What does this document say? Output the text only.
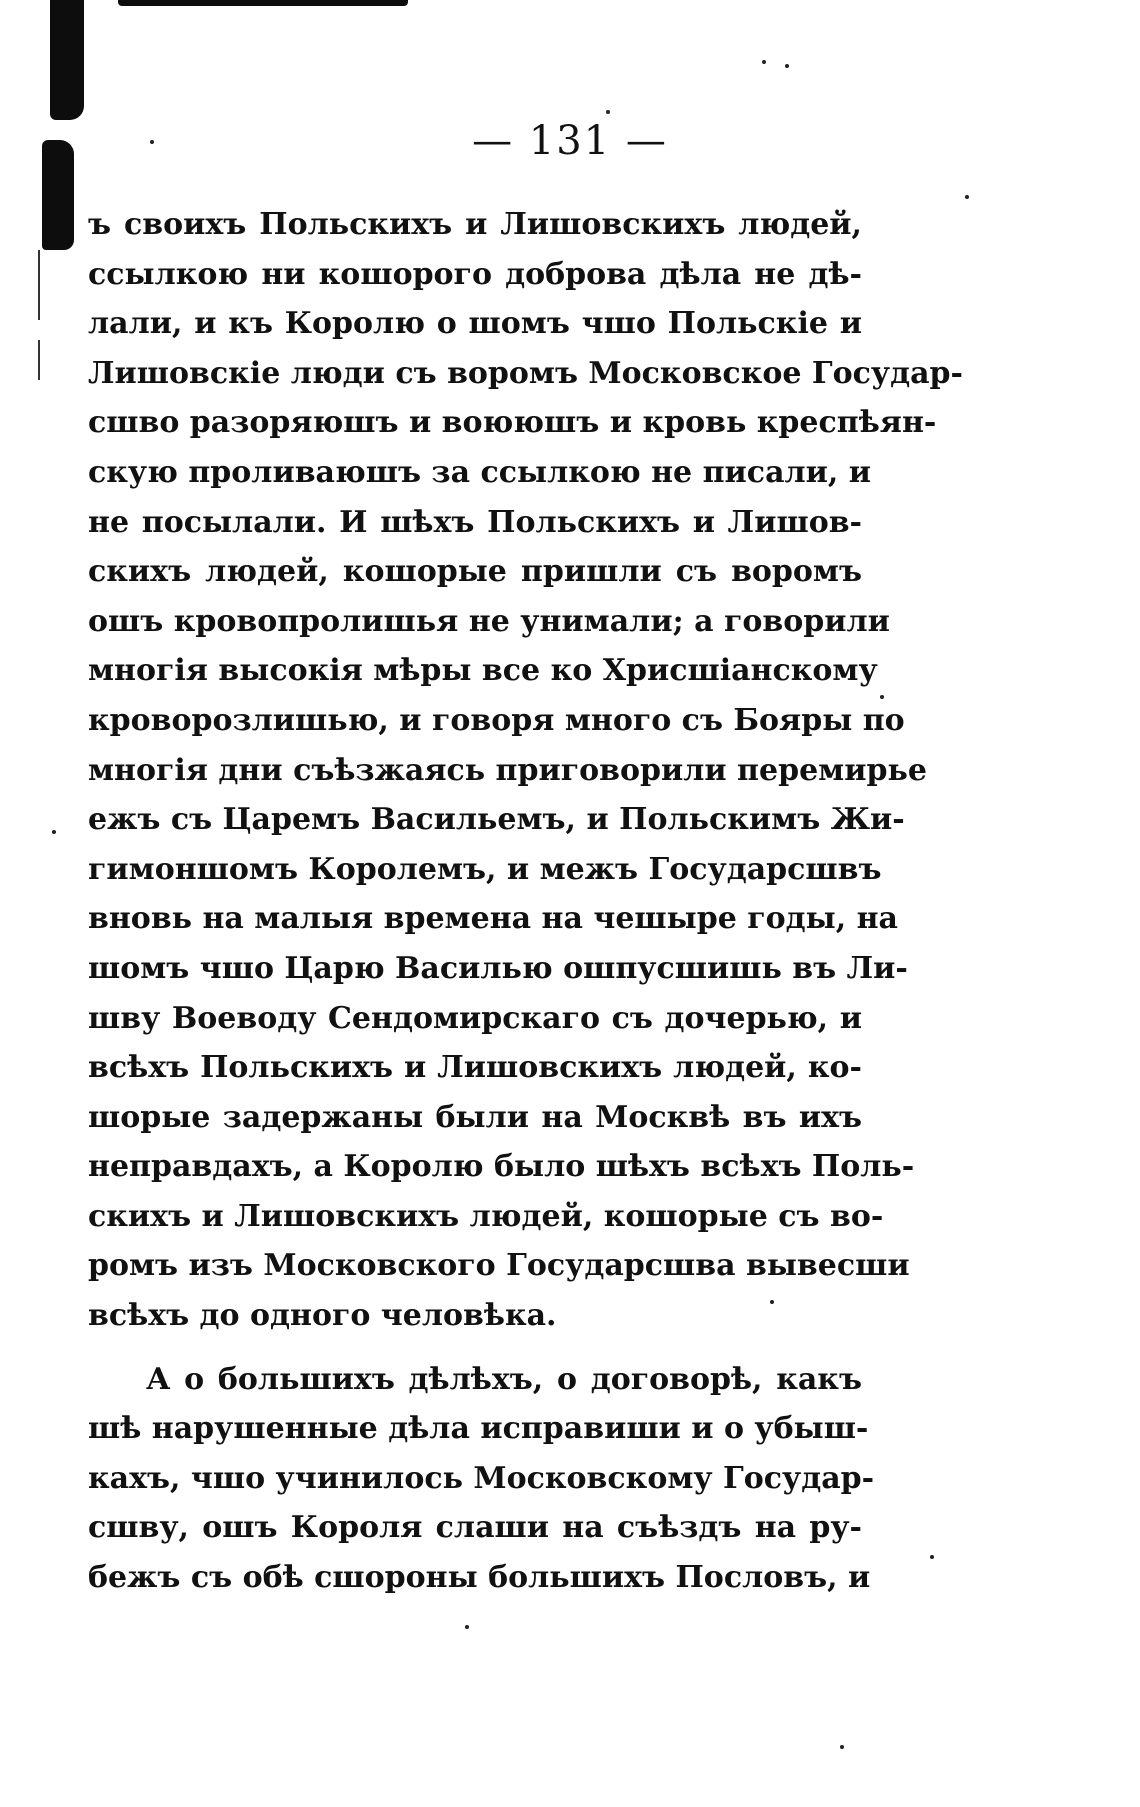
— 131 —
ъ своихъ Польскихъ и Лишовскихъ людей,
ссылкою ни кошорого доброва дѣла не дѣ-
лали, и къ Королю о шомъ чшо Польскіе и
Лишовскіе люди съ воромъ Московское Государ-
сшво разоряюшъ и воююшъ и кровь креспѣян-
скую проливаюшъ за ссылкою не писали, и
не посылали. И шѣхъ Польскихъ и Лишов-
скихъ людей, кошорые пришли съ воромъ
ошъ кровопролишья не унимали; а говорили
многія высокія мѣры все ко Хрисшіанскому
кроворозлишью, и говоря много съ Бояры по
многія дни съѣзжаясь приговорили перемирье
ежъ съ Царемъ Васильемъ, и Польскимъ Жи-
гимоншомъ Королемъ, и межъ Государсшвъ
вновь на малыя времена на чешыре годы, на
шомъ чшо Царю Василью ошпусшишь въ Ли-
шву Воеводу Сендомирскаго съ дочерью, и
всѣхъ Польскихъ и Лишовскихъ людей, ко-
шорые задержаны были на Москвѣ въ ихъ
неправдахъ, а Королю было шѣхъ всѣхъ Поль-
скихъ и Лишовскихъ людей, кошорые съ во-
ромъ изъ Московского Государсшва вывесши
всѣхъ до одного человѣка.
А о большихъ дѣлѣхъ, о договорѣ, какъ
шѣ нарушенные дѣла исправиши и о убыш-
кахъ, чшо учинилось Московскому Государ-
сшву, ошъ Короля слаши на съѣздъ на ру-
бежъ съ обѣ сшороны большихъ Пословъ, и
